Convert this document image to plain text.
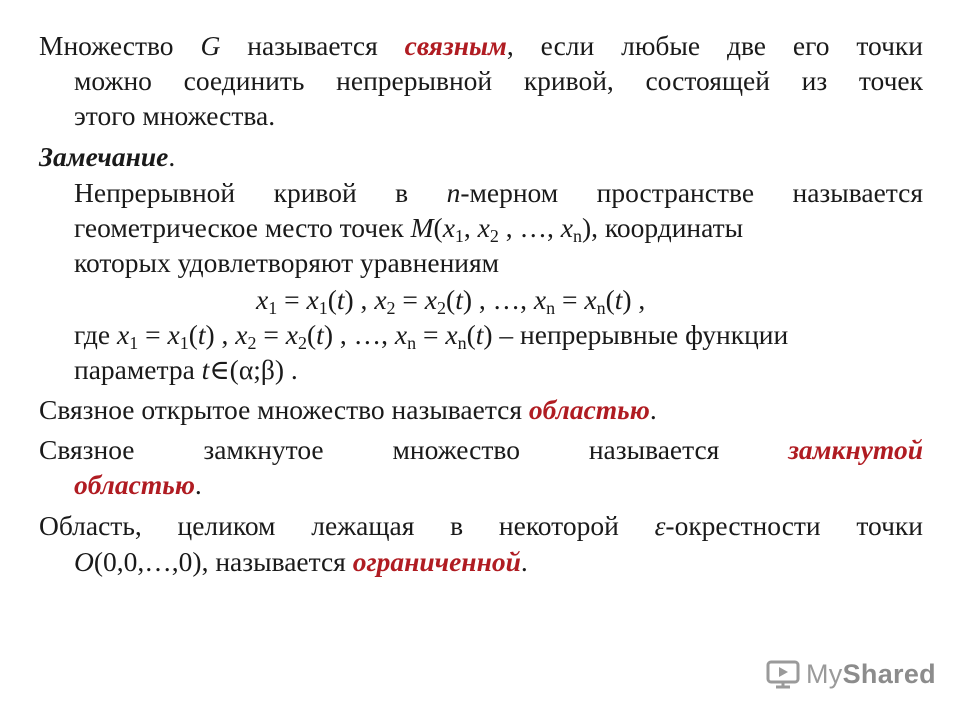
Множество G называется связным, если любые две его точки
можно соединить непрерывной кривой, состоящей из точек
этого множества.
Замечание.
Непрерывной кривой в n-мерном пространстве называется
геометрическое место точек $M(x_1$, $x_2$ , …, $x_n$), координаты
которых удовлетворяют уравнениям
$x_1 = x_1(t)$ , $x_2 = x_2(t)$ , …, $x_n = x_n(t)$ ,
где $x_1 = x_1(t)$ , $x_2 = x_2(t)$ , …, $x_n = x_n(t)$ – непрерывные функции
параметра t∈(α;β) .
Связное открытое множество называется областью.
Связное	замкнутое	множество	называется	замкнутой
областью.
Область, целиком лежащая в некоторой ε-окрестности точки
O(0,0,…,0), называется ограниченной.
MyShared
